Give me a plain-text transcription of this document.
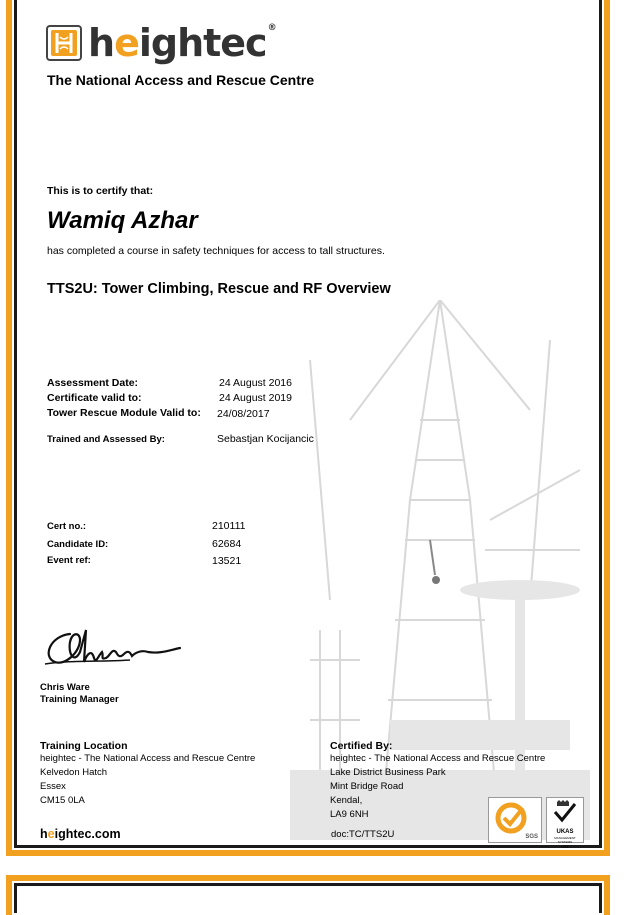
heightec®
The National Access and Rescue Centre
This is to certify that:
Wamiq Azhar
has completed a course in safety techniques for access to tall structures.
TTS2U: Tower Climbing, Rescue and RF Overview
Assessment Date:	24 August 2016
Certificate valid to:	24 August 2019
Tower Rescue Module Valid to: 24/08/2017
Trained and Assessed By:	Sebastjan Kocijancic
Cert no.:	210111
Candidate ID:	62684
Event ref:	13521
Chris Ware
Training Manager
Training Location
heightec - The National Access and Rescue Centre
Kelvedon Hatch
Essex
CM15 0LA
Certified By:
heightec - The National Access and Rescue Centre
Lake District Business Park
Mint Bridge Road
Kendal,
LA9 6NH
heightec.com	doc:TC/TTS2U	SGS
UKAS
MANAGEMENT SYSTEMS
005
